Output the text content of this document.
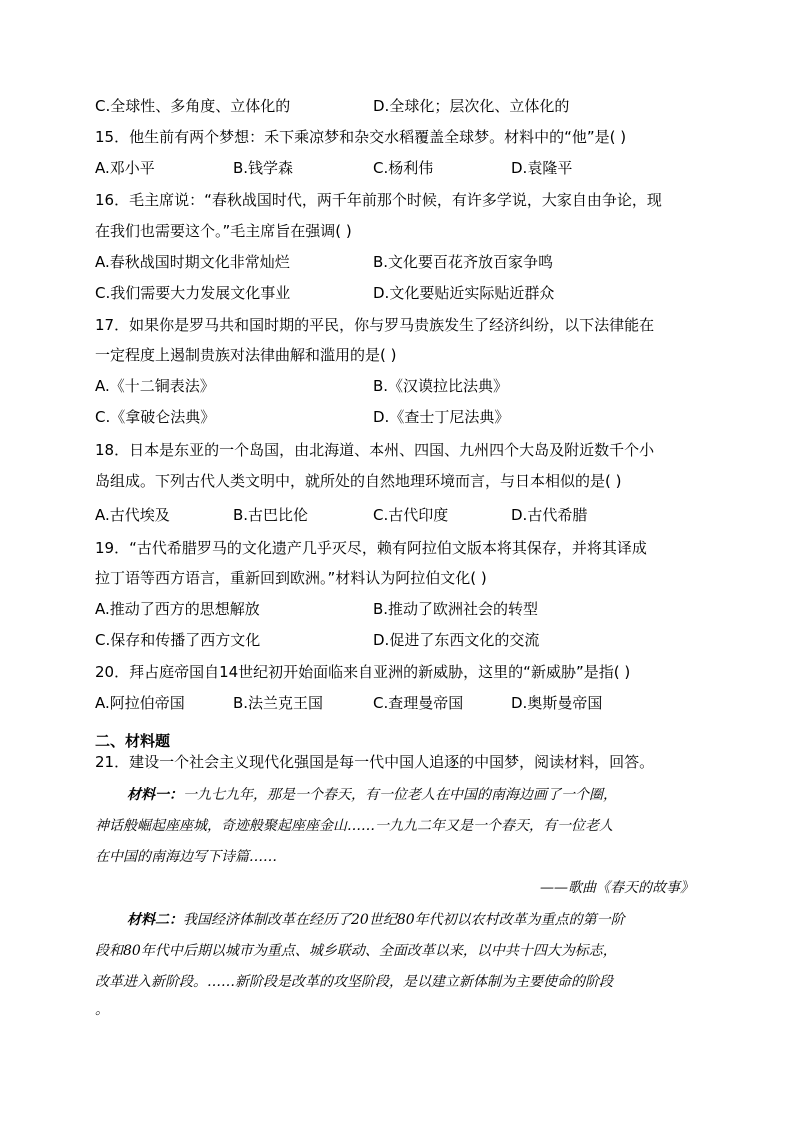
C.全球性、多角度、立体化的	D.全球化；层次化、立体化的
15．他生前有两个梦想：禾下乘凉梦和杂交水稻覆盖全球梦。材料中的“他”是( )
A.邓小平	B.钱学森	C.杨利伟	D.袁隆平
16．毛主席说：“春秋战国时代，两千年前那个时候，有许多学说，大家自由争论，现
在我们也需要这个。”毛主席旨在强调( )
A.春秋战国时期文化非常灿烂	B.文化要百花齐放百家争鸣
C.我们需要大力发展文化事业	D.文化要贴近实际贴近群众
17．如果你是罗马共和国时期的平民，你与罗马贵族发生了经济纠纷，以下法律能在
一定程度上遏制贵族对法律曲解和滥用的是( )
A.《十二铜表法》	B.《汉谟拉比法典》
C.《拿破仑法典》	D.《查士丁尼法典》
18．日本是东亚的一个岛国，由北海道、本州、四国、九州四个大岛及附近数千个小
岛组成。下列古代人类文明中，就所处的自然地理环境而言，与日本相似的是( )
A.古代埃及	B.古巴比伦	C.古代印度	D.古代希腊
19．“古代希腊罗马的文化遗产几乎灭尽，赖有阿拉伯文版本将其保存，并将其译成
拉丁语等西方语言，重新回到欧洲。”材料认为阿拉伯文化( )
A.推动了西方的思想解放	B.推动了欧洲社会的转型
C.保存和传播了西方文化	D.促进了东西文化的交流
20．拜占庭帝国自14世纪初开始面临来自亚洲的新威胁，这里的“新威胁”是指( )
A.阿拉伯帝国	B.法兰克王国	C.查理曼帝国	D.奥斯曼帝国
二、材料题
21．建设一个社会主义现代化强国是每一代中国人追逐的中国梦，阅读材料，回答。
材料一：一九七九年，那是一个春天，有一位老人在中国的南海边画了一个圈，
神话般崛起座座城，奇迹般聚起座座金山……一九九二年又是一个春天，有一位老人
在中国的南海边写下诗篇……
——歌曲《春天的故事》
材料二：我国经济体制改革在经历了20世纪80年代初以农村改革为重点的第一阶
段和80年代中后期以城市为重点、城乡联动、全面改革以来，以中共十四大为标志，
改革进入新阶段。……新阶段是改革的攻坚阶段，是以建立新体制为主要使命的阶段
。
